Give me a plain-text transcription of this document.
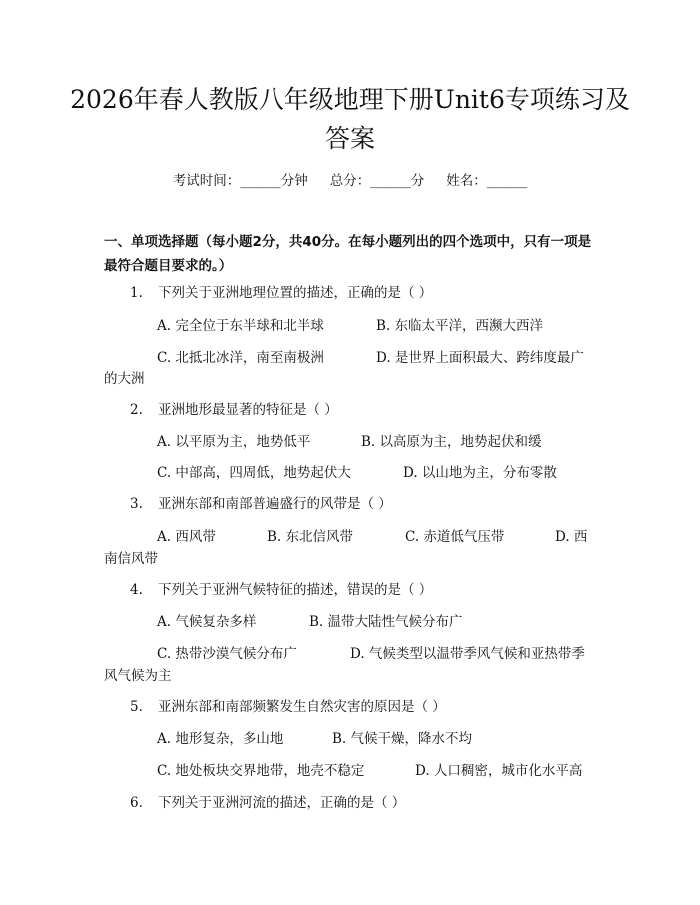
2026年春人教版八年级地理下册Unit6专项练习及答案
考试时间：______分钟 总分：______分 姓名：______
一、单项选择题（每小题2分，共40分。在每小题列出的四个选项中，只有一项是最符合题目要求的。）
1. 下列关于亚洲地理位置的描述，正确的是（ ）
A. 完全位于东半球和北半球	B. 东临太平洋，西濒大西洋
C. 北抵北冰洋，南至南极洲	D. 是世界上面积最大、跨纬度最广
的大洲
2. 亚洲地形最显著的特征是（ ）
A. 以平原为主，地势低平	B. 以高原为主，地势起伏和缓
C. 中部高，四周低，地势起伏大	D. 以山地为主，分布零散
3. 亚洲东部和南部普遍盛行的风带是（ ）
A. 西风带	B. 东北信风带	C. 赤道低气压带	D. 西
南信风带
4. 下列关于亚洲气候特征的描述，错误的是（ ）
A. 气候复杂多样	B. 温带大陆性气候分布广
C. 热带沙漠气候分布广	D. 气候类型以温带季风气候和亚热带季
风气候为主
5. 亚洲东部和南部频繁发生自然灾害的原因是（ ）
A. 地形复杂，多山地	B. 气候干燥，降水不均
C. 地处板块交界地带，地壳不稳定	D. 人口稠密，城市化水平高
6. 下列关于亚洲河流的描述，正确的是（ ）
